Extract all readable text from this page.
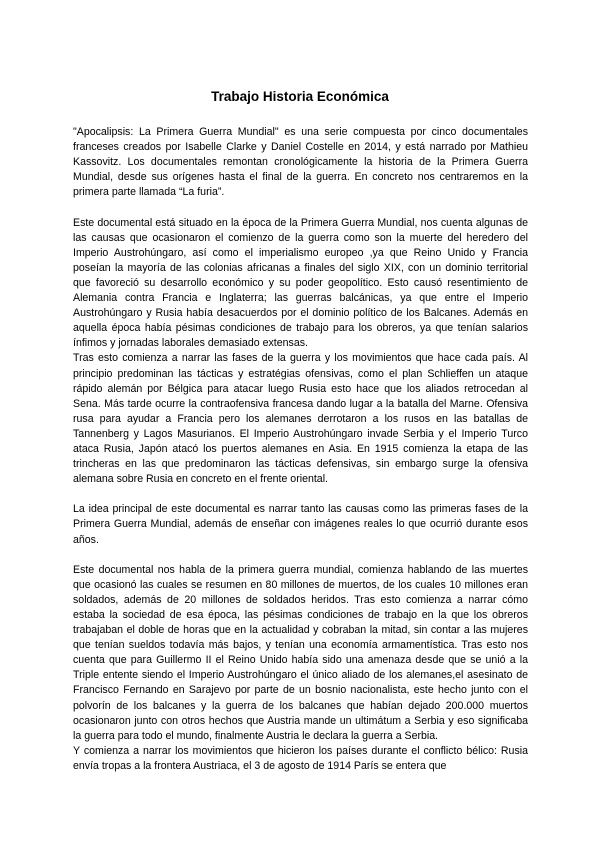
Trabajo Historia Económica

"Apocalipsis: La Primera Guerra Mundial" es una serie compuesta por cinco documentales franceses creados por Isabelle Clarke y Daniel Costelle en 2014, y está narrado por Mathieu Kassovitz. Los documentales remontan cronológicamente la historia de la Primera Guerra Mundial, desde sus orígenes hasta el final de la guerra. En concreto nos centraremos en la primera parte llamada “La furia”.

Este documental está situado en la época de la Primera Guerra Mundial, nos cuenta algunas de las causas que ocasionaron el comienzo de la guerra como son la muerte del heredero del Imperio Austrohúngaro, así como el imperialismo europeo ,ya que Reino Unido y Francia poseían la mayoría de las colonias africanas a finales del siglo XIX, con un dominio territorial que favoreció su desarrollo económico y su poder geopolítico. Esto causó resentimiento de Alemania contra Francia e Inglaterra; las guerras balcánicas, ya que entre el Imperio Austrohúngaro y Rusia había desacuerdos por el dominio político de los Balcanes. Además en aquella época había pésimas condiciones de trabajo para los obreros, ya que tenían salarios ínfimos y jornadas laborales demasiado extensas.

Tras esto comienza a narrar las fases de la guerra y los movimientos que hace cada país. Al principio predominan las tácticas y estratégias ofensivas, como el plan Schlieffen un ataque rápido alemán por Bélgica para atacar luego Rusia esto hace que los aliados retrocedan al Sena. Más tarde ocurre la contraofensiva francesa dando lugar a la batalla del Marne. Ofensiva rusa para ayudar a Francia pero los alemanes derrotaron a los rusos en las batallas de Tannenberg y Lagos Masurianos. El Imperio Austrohúngaro invade Serbia y el Imperio Turco ataca Rusia, Japón atacó los puertos alemanes en Asia. En 1915 comienza la etapa de las trincheras en las que predominaron las tácticas defensivas, sin embargo surge la ofensiva alemana sobre Rusia en concreto en el frente oriental.

La idea principal de este documental es narrar tanto las causas como las primeras fases de la Primera Guerra Mundial, además de enseñar con imágenes reales lo que ocurrió durante esos años.

Este documental nos habla de la primera guerra mundial, comienza hablando de las muertes que ocasionó las cuales se resumen en 80 millones de muertos, de los cuales 10 millones eran soldados, además de 20 millones de soldados heridos. Tras esto comienza a narrar cómo estaba la sociedad de esa época, las pésimas condiciones de trabajo en la que los obreros trabajaban el doble de horas que en la actualidad y cobraban la mitad, sin contar a las mujeres que tenían sueldos todavía más bajos, y tenían una economía armamentística. Tras esto nos cuenta que para Guillermo II el Reino Unido había sido una amenaza desde que se unió a la Triple entente siendo el Imperio Austrohúngaro el único aliado de los alemanes,el asesinato de Francisco Fernando en Sarajevo por parte de un bosnio nacionalista, este hecho junto con el polvorín de los balcanes y la guerra de los balcanes que habían dejado 200.000 muertos ocasionaron junto con otros hechos que Austria mande un ultimátum a Serbia y eso significaba la guerra para todo el mundo, finalmente Austria le declara la guerra a Serbia.

Y comienza a narrar los movimientos que hicieron los países durante el conflicto bélico: Rusia envía tropas a la frontera Austriaca, el 3 de agosto de 1914 París se entera que
